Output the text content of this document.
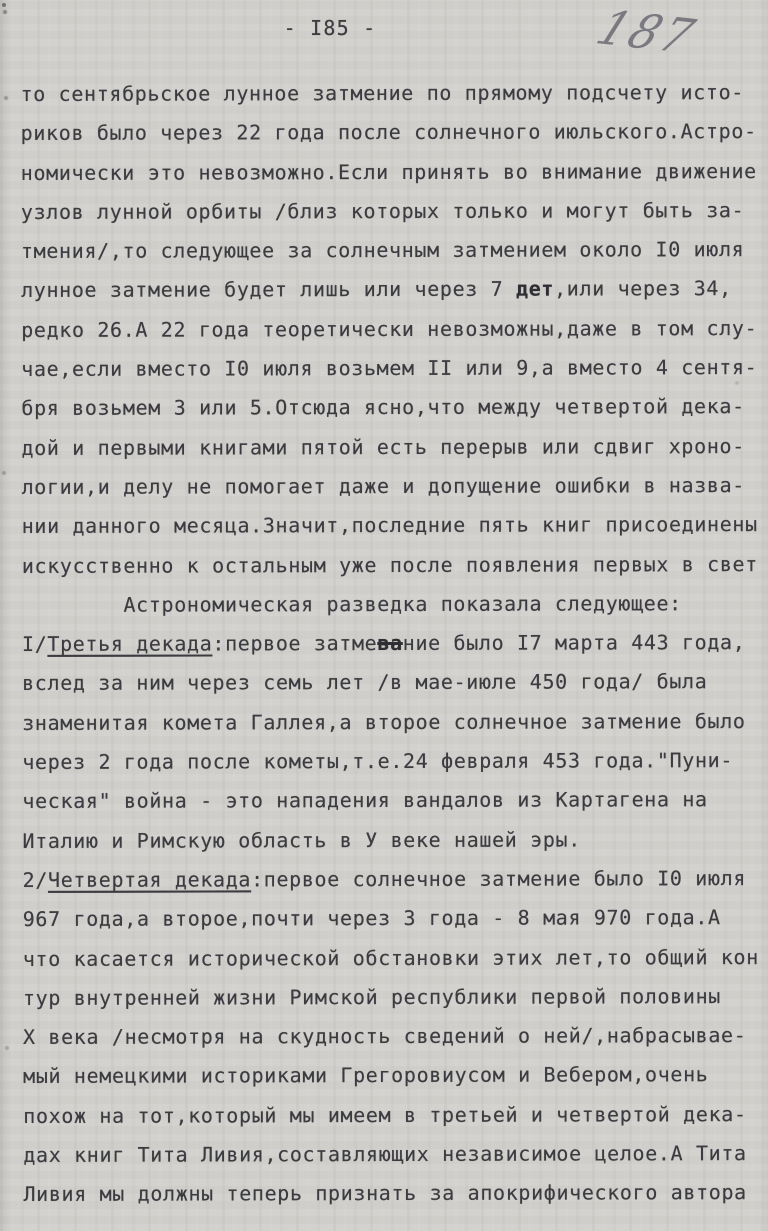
- I85 -	187
то сентябрьское лунное затмение по прямому подсчету исто-
риков было через 22 года после солнечного июльского.Астро-
номически это невозможно.Если принять во внимание движение
узлов лунной орбиты /близ которых только и могут быть за-
тмения/,то следующее за солнечным затмением около I0 июля
лунное затмение будет лишь или через 7 дет,или через 34,
редко 26.А 22 года теоретически невозможны,даже в том слу-
чае,если вместо I0 июля возьмем II или 9,а вместо 4 сентя-
бря возьмем 3 или 5.Отсюда ясно,что между четвертой дека-
дой и первыми книгами пятой есть перерыв или сдвиг хроно-
логии,и делу не помогает даже и допущение ошибки в назва-
нии данного месяца.Значит,последние пять книг присоединены
искусственно к остальным уже после появления первых в свет
Астрономическая разведка показала следующее:
I/Третья декада:первое затмевание было I7 марта 443 года,
вслед за ним через семь лет /в мае-июле 450 года/ была
знаменитая комета Галлея,а второе солнечное затмение было
через 2 года после кометы,т.е.24 февраля 453 года."Пуни-
ческая" война - это нападения вандалов из Картагена на
Италию и Римскую область в У веке нашей эры.
2/Четвертая декада:первое солнечное затмение было I0 июля
967 года,а второе,почти через 3 года - 8 мая 970 года.А
что касается исторической обстановки этих лет,то общий кон
тур внутренней жизни Римской республики первой половины
Х века /несмотря на скудность сведений о ней/,набрасывае-
мый немецкими историками Грегоровиусом и Вебером,очень
похож на тот,который мы имеем в третьей и четвертой дека-
дах книг Тита Ливия,составляющих независимое целое.А Тита
Ливия мы должны теперь признать за апокрифического автора
